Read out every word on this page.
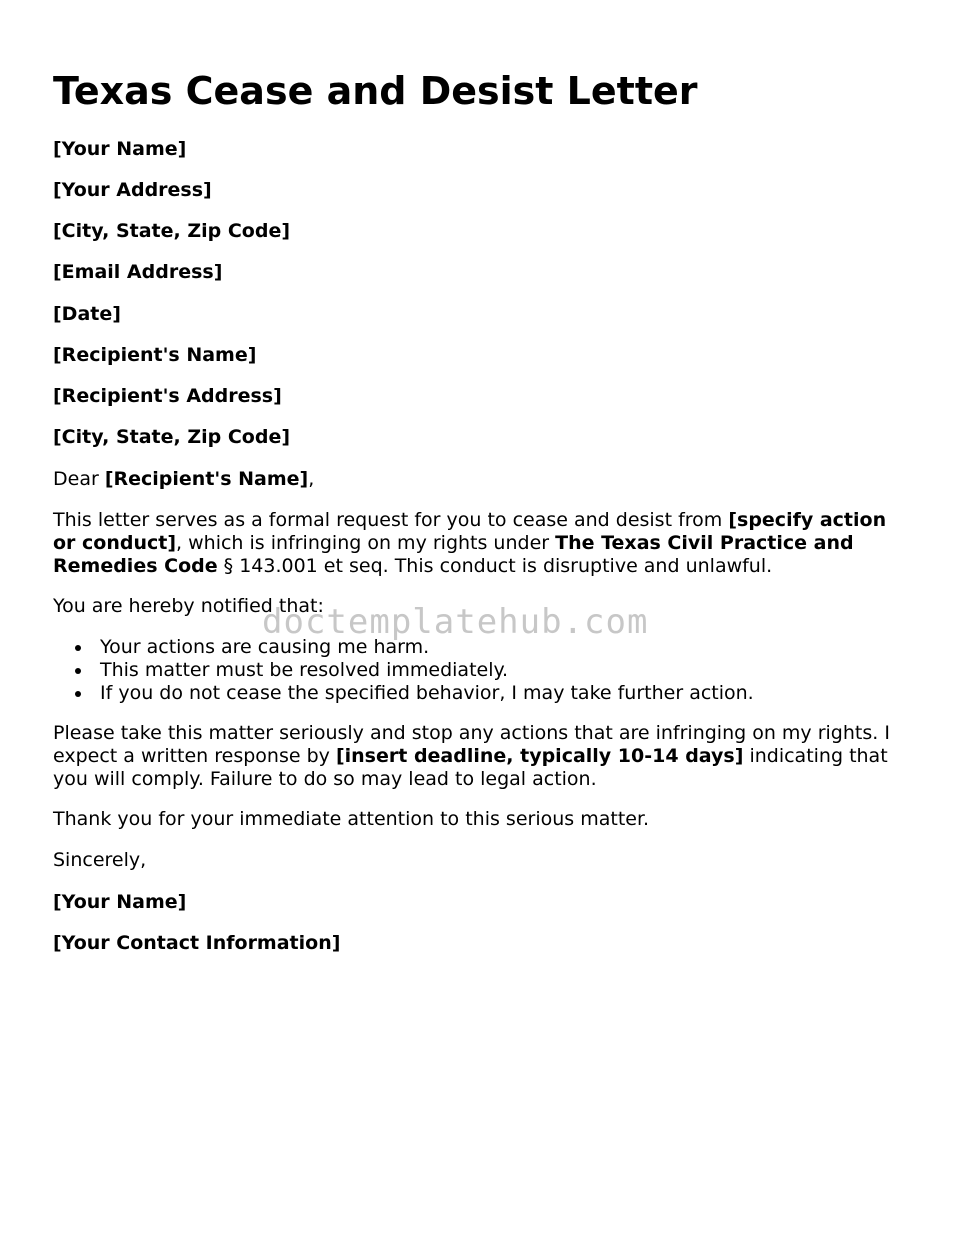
Texas Cease and Desist Letter

[Your Name]

[Your Address]

[City, State, Zip Code]

[Email Address]

[Date]

[Recipient's Name]

[Recipient's Address]

[City, State, Zip Code]

Dear [Recipient's Name],

This letter serves as a formal request for you to cease and desist from [specify action or conduct], which is infringing on my rights under The Texas Civil Practice and Remedies Code § 143.001 et seq. This conduct is disruptive and unlawful.

You are hereby notified that:

Your actions are causing me harm.
This matter must be resolved immediately.
If you do not cease the specified behavior, I may take further action.

Please take this matter seriously and stop any actions that are infringing on my rights. I expect a written response by [insert deadline, typically 10-14 days] indicating that you will comply. Failure to do so may lead to legal action.

Thank you for your immediate attention to this serious matter.

Sincerely,

[Your Name]

[Your Contact Information]

doctemplatehub.com
